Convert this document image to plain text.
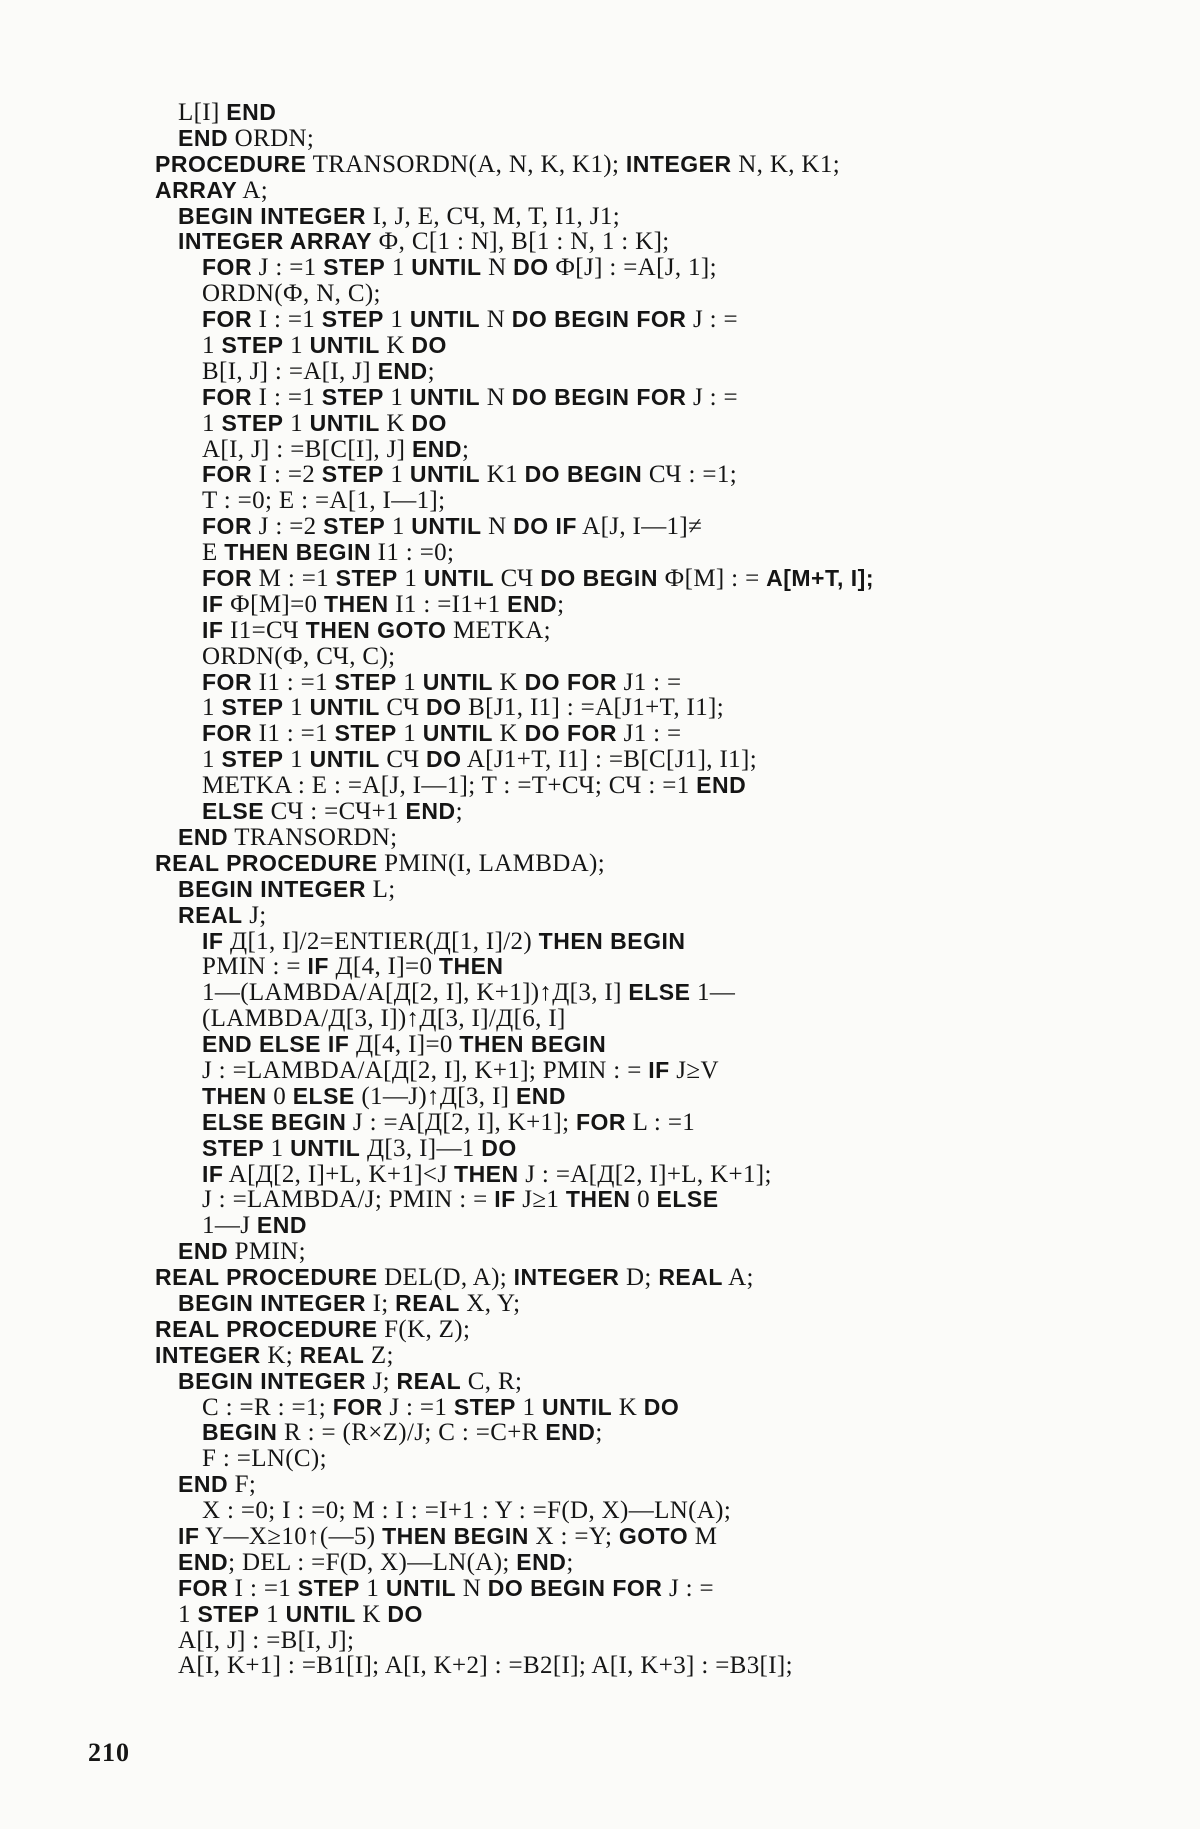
L[I] END
END ORDN;
PROCEDURE TRANSORDN(A, N, K, K1); INTEGER N, K, K1;
ARRAY A;
BEGIN INTEGER I, J, E, СЧ, M, T, I1, J1;
INTEGER ARRAY Ф, C[1 : N], B[1 : N, 1 : K];
FOR J : =1 STEP 1 UNTIL N DO Ф[J] : =A[J, 1];
ORDN(Ф, N, C);
FOR I : =1 STEP 1 UNTIL N DO BEGIN FOR J : =
1 STEP 1 UNTIL K DO
B[I, J] : =A[I, J] END;
FOR I : =1 STEP 1 UNTIL N DO BEGIN FOR J : =
1 STEP 1 UNTIL K DO
A[I, J] : =B[C[I], J] END;
FOR I : =2 STEP 1 UNTIL K1 DO BEGIN СЧ : =1;
T : =0; E : =A[1, I—1];
FOR J : =2 STEP 1 UNTIL N DO IF A[J, I—1]≠
E THEN BEGIN I1 : =0;
FOR M : =1 STEP 1 UNTIL СЧ DO BEGIN Ф[M] : = A[M+T, I];
IF Ф[M]=0 THEN I1 : =I1+1 END;
IF I1=СЧ THEN GOTO METKA;
ORDN(Ф, СЧ, C);
FOR I1 : =1 STEP 1 UNTIL K DO FOR J1 : =
1 STEP 1 UNTIL СЧ DO B[J1, I1] : =A[J1+T, I1];
FOR I1 : =1 STEP 1 UNTIL K DO FOR J1 : =
1 STEP 1 UNTIL СЧ DO A[J1+T, I1] : =B[C[J1], I1];
METKA : E : =A[J, I—1]; T : =T+СЧ; СЧ : =1 END
ELSE СЧ : =СЧ+1 END;
END TRANSORDN;
REAL PROCEDURE PMIN(I, LAMBDA);
BEGIN INTEGER L;
REAL J;
IF Д[1, I]/2=ENTIER(Д[1, I]/2) THEN BEGIN
PMIN : = IF Д[4, I]=0 THEN
1—(LAMBDA/A[Д[2, I], K+1])↑Д[3, I] ELSE 1—
(LAMBDA/Д[3, I])↑Д[3, I]/Д[6, I]
END ELSE IF Д[4, I]=0 THEN BEGIN
J : =LAMBDA/A[Д[2, I], K+1]; PMIN : = IF J≥V
THEN 0 ELSE (1—J)↑Д[3, I] END
ELSE BEGIN J : =A[Д[2, I], K+1]; FOR L : =1
STEP 1 UNTIL Д[3, I]—1 DO
IF A[Д[2, I]+L, K+1]<J THEN J : =A[Д[2, I]+L, K+1];
J : =LAMBDA/J; PMIN : = IF J≥1 THEN 0 ELSE
1—J END
END PMIN;
REAL PROCEDURE DEL(D, A); INTEGER D; REAL A;
BEGIN INTEGER I; REAL X, Y;
REAL PROCEDURE F(K, Z);
INTEGER K; REAL Z;
BEGIN INTEGER J; REAL C, R;
C : =R : =1; FOR J : =1 STEP 1 UNTIL K DO
BEGIN R : = (R×Z)/J; C : =C+R END;
F : =LN(C);
END F;
X : =0; I : =0; M : I : =I+1 : Y : =F(D, X)—LN(A);
IF Y—X≥10↑(—5) THEN BEGIN X : =Y; GOTO M
END; DEL : =F(D, X)—LN(A); END;
FOR I : =1 STEP 1 UNTIL N DO BEGIN FOR J : =
1 STEP 1 UNTIL K DO
A[I, J] : =B[I, J];
A[I, K+1] : =B1[I]; A[I, K+2] : =B2[I]; A[I, K+3] : =B3[I];
210
